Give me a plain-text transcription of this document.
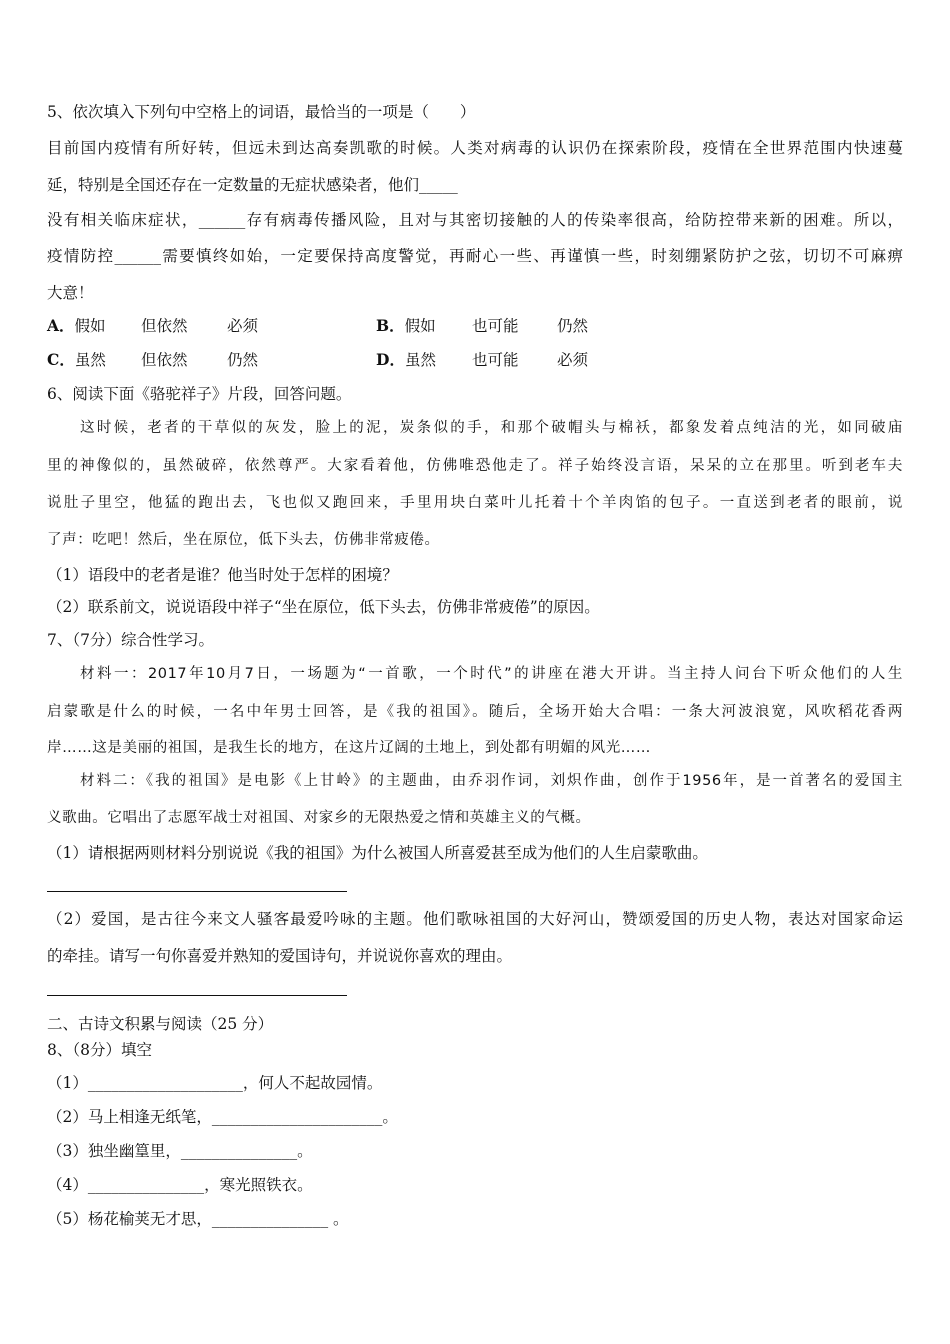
5、依次填入下列句中空格上的词语，最恰当的一项是（　　）
目前国内疫情有所好转，但远未到达高奏凯歌的时候。人类对病毒的认识仍在探索阶段，疫情在全世界范围内快速蔓
延，特别是全国还存在一定数量的无症状感染者，他们_____
没有相关临床症状，______存有病毒传播风险，且对与其密切接触的人的传染率很高，给防控带来新的困难。所以，
疫情防控______需要慎终如始，一定要保持高度警觉，再耐心一些、再谨慎一些，时刻绷紧防护之弦，切切不可麻痹
大意！
A．假如 但依然	必须	B．假如 也可能 仍然
C．虽然 但依然	仍然	D．虽然 也可能 必须
6、阅读下面《骆驼祥子》片段，回答问题。
这时候，老者的干草似的灰发，脸上的泥，炭条似的手，和那个破帽头与棉袄，都象发着点纯洁的光，如同破庙
里的神像似的，虽然破碎，依然尊严。大家看着他，仿佛唯恐他走了。祥子始终没言语，呆呆的立在那里。听到老车夫
说肚子里空，他猛的跑出去，飞也似又跑回来，手里用块白菜叶儿托着十个羊肉馅的包子。一直送到老者的眼前，说
了声：吃吧！然后，坐在原位，低下头去，仿佛非常疲倦。
（1）语段中的老者是谁？他当时处于怎样的困境？
（2）联系前文，说说语段中祥子“坐在原位，低下头去，仿佛非常疲倦”的原因。
7、（7分）综合性学习。
材料一：2017年10月7日，一场题为“一首歌，一个时代”的讲座在港大开讲。当主持人问台下听众他们的人生
启蒙歌是什么的时候，一名中年男士回答，是《我的祖国》。随后，全场开始大合唱：一条大河波浪宽，风吹稻花香两
岸……这是美丽的祖国，是我生长的地方，在这片辽阔的土地上，到处都有明媚的风光……
材料二：《我的祖国》是电影《上甘岭》的主题曲，由乔羽作词，刘炽作曲，创作于1956年，是一首著名的爱国主
义歌曲。它唱出了志愿军战士对祖国、对家乡的无限热爱之情和英雄主义的气概。
（1）请根据两则材料分别说说《我的祖国》为什么被国人所喜爱甚至成为他们的人生启蒙歌曲。
（2）爱国，是古往今来文人骚客最爱吟咏的主题。他们歌咏祖国的大好河山，赞颂爱国的历史人物，表达对国家命运
的牵挂。请写一句你喜爱并熟知的爱国诗句，并说说你喜欢的理由。
二、古诗文积累与阅读（25 分）
8、（8分）填空
（1）____________________，何人不起故园情。
（2）马上相逢无纸笔，______________________。
（3）独坐幽篁里，_______________。
（4）_______________，寒光照铁衣。
（5）杨花榆荚无才思，_______________ 。
